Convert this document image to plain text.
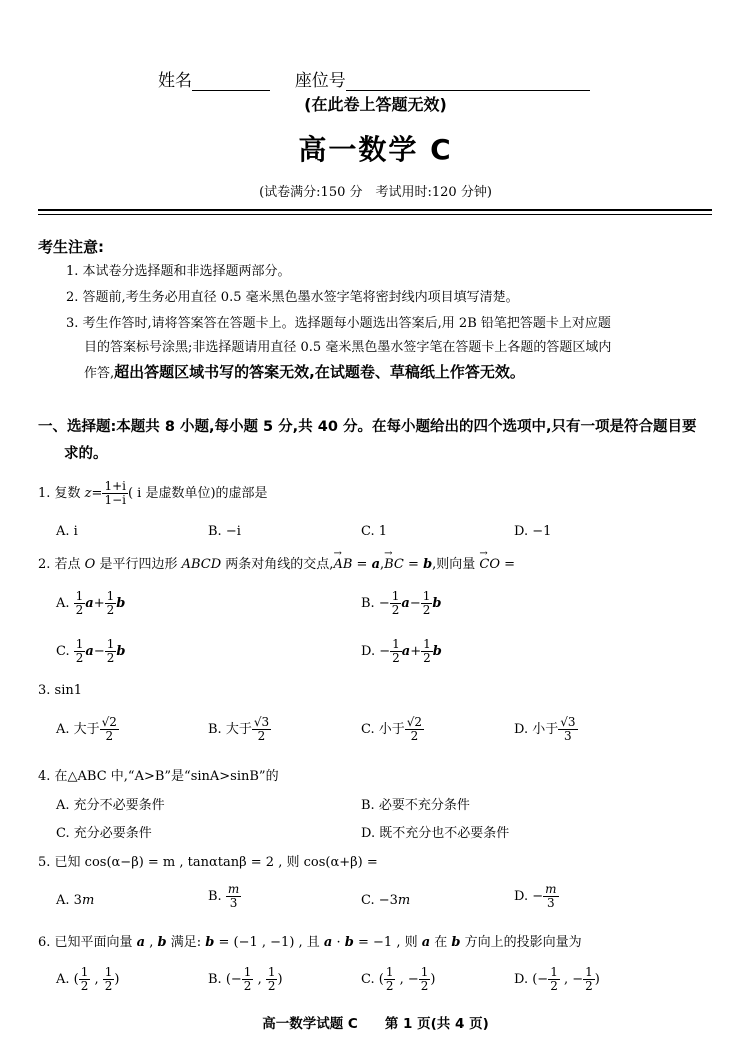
姓名	座位号
(在此卷上答题无效)
高一数学 C
(试卷满分:150 分　考试用时:120 分钟)
考生注意:
1. 本试卷分选择题和非选择题两部分。
2. 答题前,考生务必用直径 0.5 毫米黑色墨水签字笔将密封线内项目填写清楚。
3. 考生作答时,请将答案答在答题卡上。选择题每小题选出答案后,用 2B 铅笔把答题卡上对应题
目的答案标号涂黑;非选择题请用直径 0.5 毫米黑色墨水签字笔在答题卡上各题的答题区域内
作答,超出答题区域书写的答案无效,在试题卷、草稿纸上作答无效。
一、选择题:本题共 8 小题,每小题 5 分,共 40 分。在每小题给出的四个选项中,只有一项是符合题目要
求的。
1. 复数 $z= \frac{1+i}{1-i}$ ( i 是虚数单位)的虚部是
A. i	B. −i	C. 1	D. −1
2. 若点 O 是平行四边形 ABCD 两条对角线的交点,
→
AB = a,
→
BC = b,则向量
→
CO =
A. $\frac{1}{2} a+ \frac{1}{2}$ b	B. − $\frac{1}{2} a- \frac{1}{2}$ b
C. $\frac{1}{2} a- \frac{1}{2}$ b	D. − $\frac{1}{2} a+ \frac{1}{2}$ b
3. sin1
A. 大于 $\frac{√2}{2}$	B. 大于 $\frac{√3}{2}$	C. 小于 $\frac{√2}{2}$	D. 小于 $\frac{√3}{3}$
4. 在△ABC 中,“A>B”是“sinA>sinB”的
A. 充分不必要条件	B. 必要不充分条件
C. 充分必要条件	D. 既不充分也不必要条件
5. 已知 cos(α−β) = m , tanαtanβ = 2 , 则 cos(α+β) =
A. 3m	B. $\frac{m}{3}$	C. −3m	D. − $\frac{m}{3}$
6. 已知平面向量 a , b 满足: b = (−1 , −1) , 且 a · b = −1 , 则 a 在 b 方向上的投影向量为
A. ( $\frac{1}{2}$ , $\frac{1}{2}$ )	B. (− $\frac{1}{2}$ , $\frac{1}{2}$ )	C. ( $\frac{1}{2}$ , − $\frac{1}{2}$ )	D. (− $\frac{1}{2}$ , − $\frac{1}{2}$ )
高一数学试题 C　　第 1 页(共 4 页)
